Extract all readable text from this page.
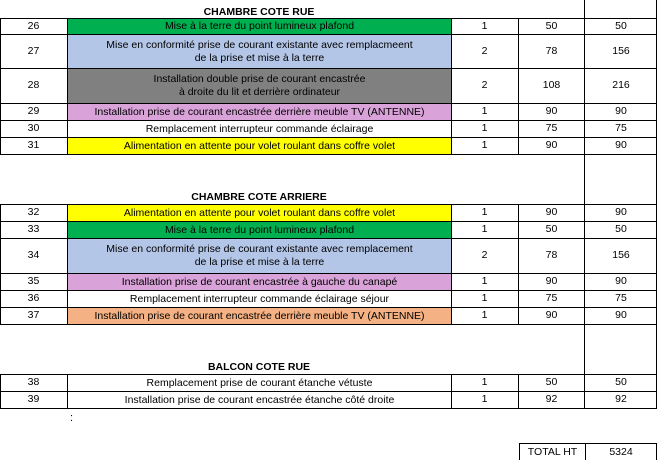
CHAMBRE COTE RUE
26	Mise à la terre du point lumineux plafond	1	50	50
27	Mise en conformité prise de courant existante avec remplacmeent
de la prise et mise à la terre
2	78	156
28	Installation double prise de courant encastrée
à droite du lit et derrière ordinateur
2	108	216
29	Installation prise de courant encastrée derrière meuble TV (ANTENNE)	1	90	90
30	Remplacement interrupteur commande éclairage	1	75	75
31	Alimentation en attente pour volet roulant dans coffre volet	1	90	90
CHAMBRE COTE ARRIERE
32	Alimentation en attente pour volet roulant dans coffre volet	1	90	90
33	Mise à la terre du point lumineux plafond	1	50	50
34	Mise en conformité prise de courant existante avec remplacement
de la prise et mise à la terre
2	78	156
35	Installation prise de courant encastrée à gauche du canapé	1	90	90
36	Remplacement interrupteur commande éclairage séjour	1	75	75
37	Installation prise de courant encastrée derrière meuble TV (ANTENNE)	1	90	90
BALCON COTE RUE
38	Remplacement prise de courant étanche vétuste	1	50	50
39	Installation prise de courant encastrée étanche côté droite	1	92	92
:
TOTAL HT	5324
